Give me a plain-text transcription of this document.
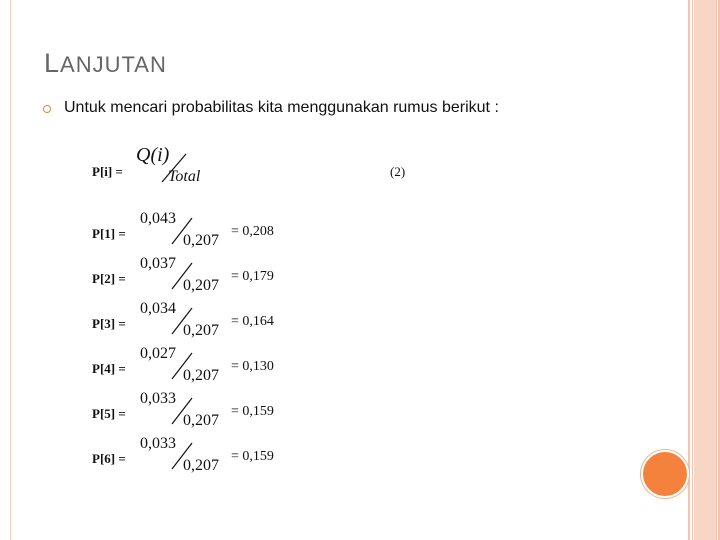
LANJUTAN
Untuk mencari probabilitas kita menggunakan rumus berikut :
P[i] =
Q(i)
Total	(2)
P[1] =
0,043
0,207
= 0,208
P[2] =
0,037
0,207
= 0,179
P[3] =
0,034
0,207
= 0,164
P[4] =
0,027
0,207
= 0,130
P[5] =
0,033
0,207
= 0,159
P[6] =
0,033
0,207
= 0,159
